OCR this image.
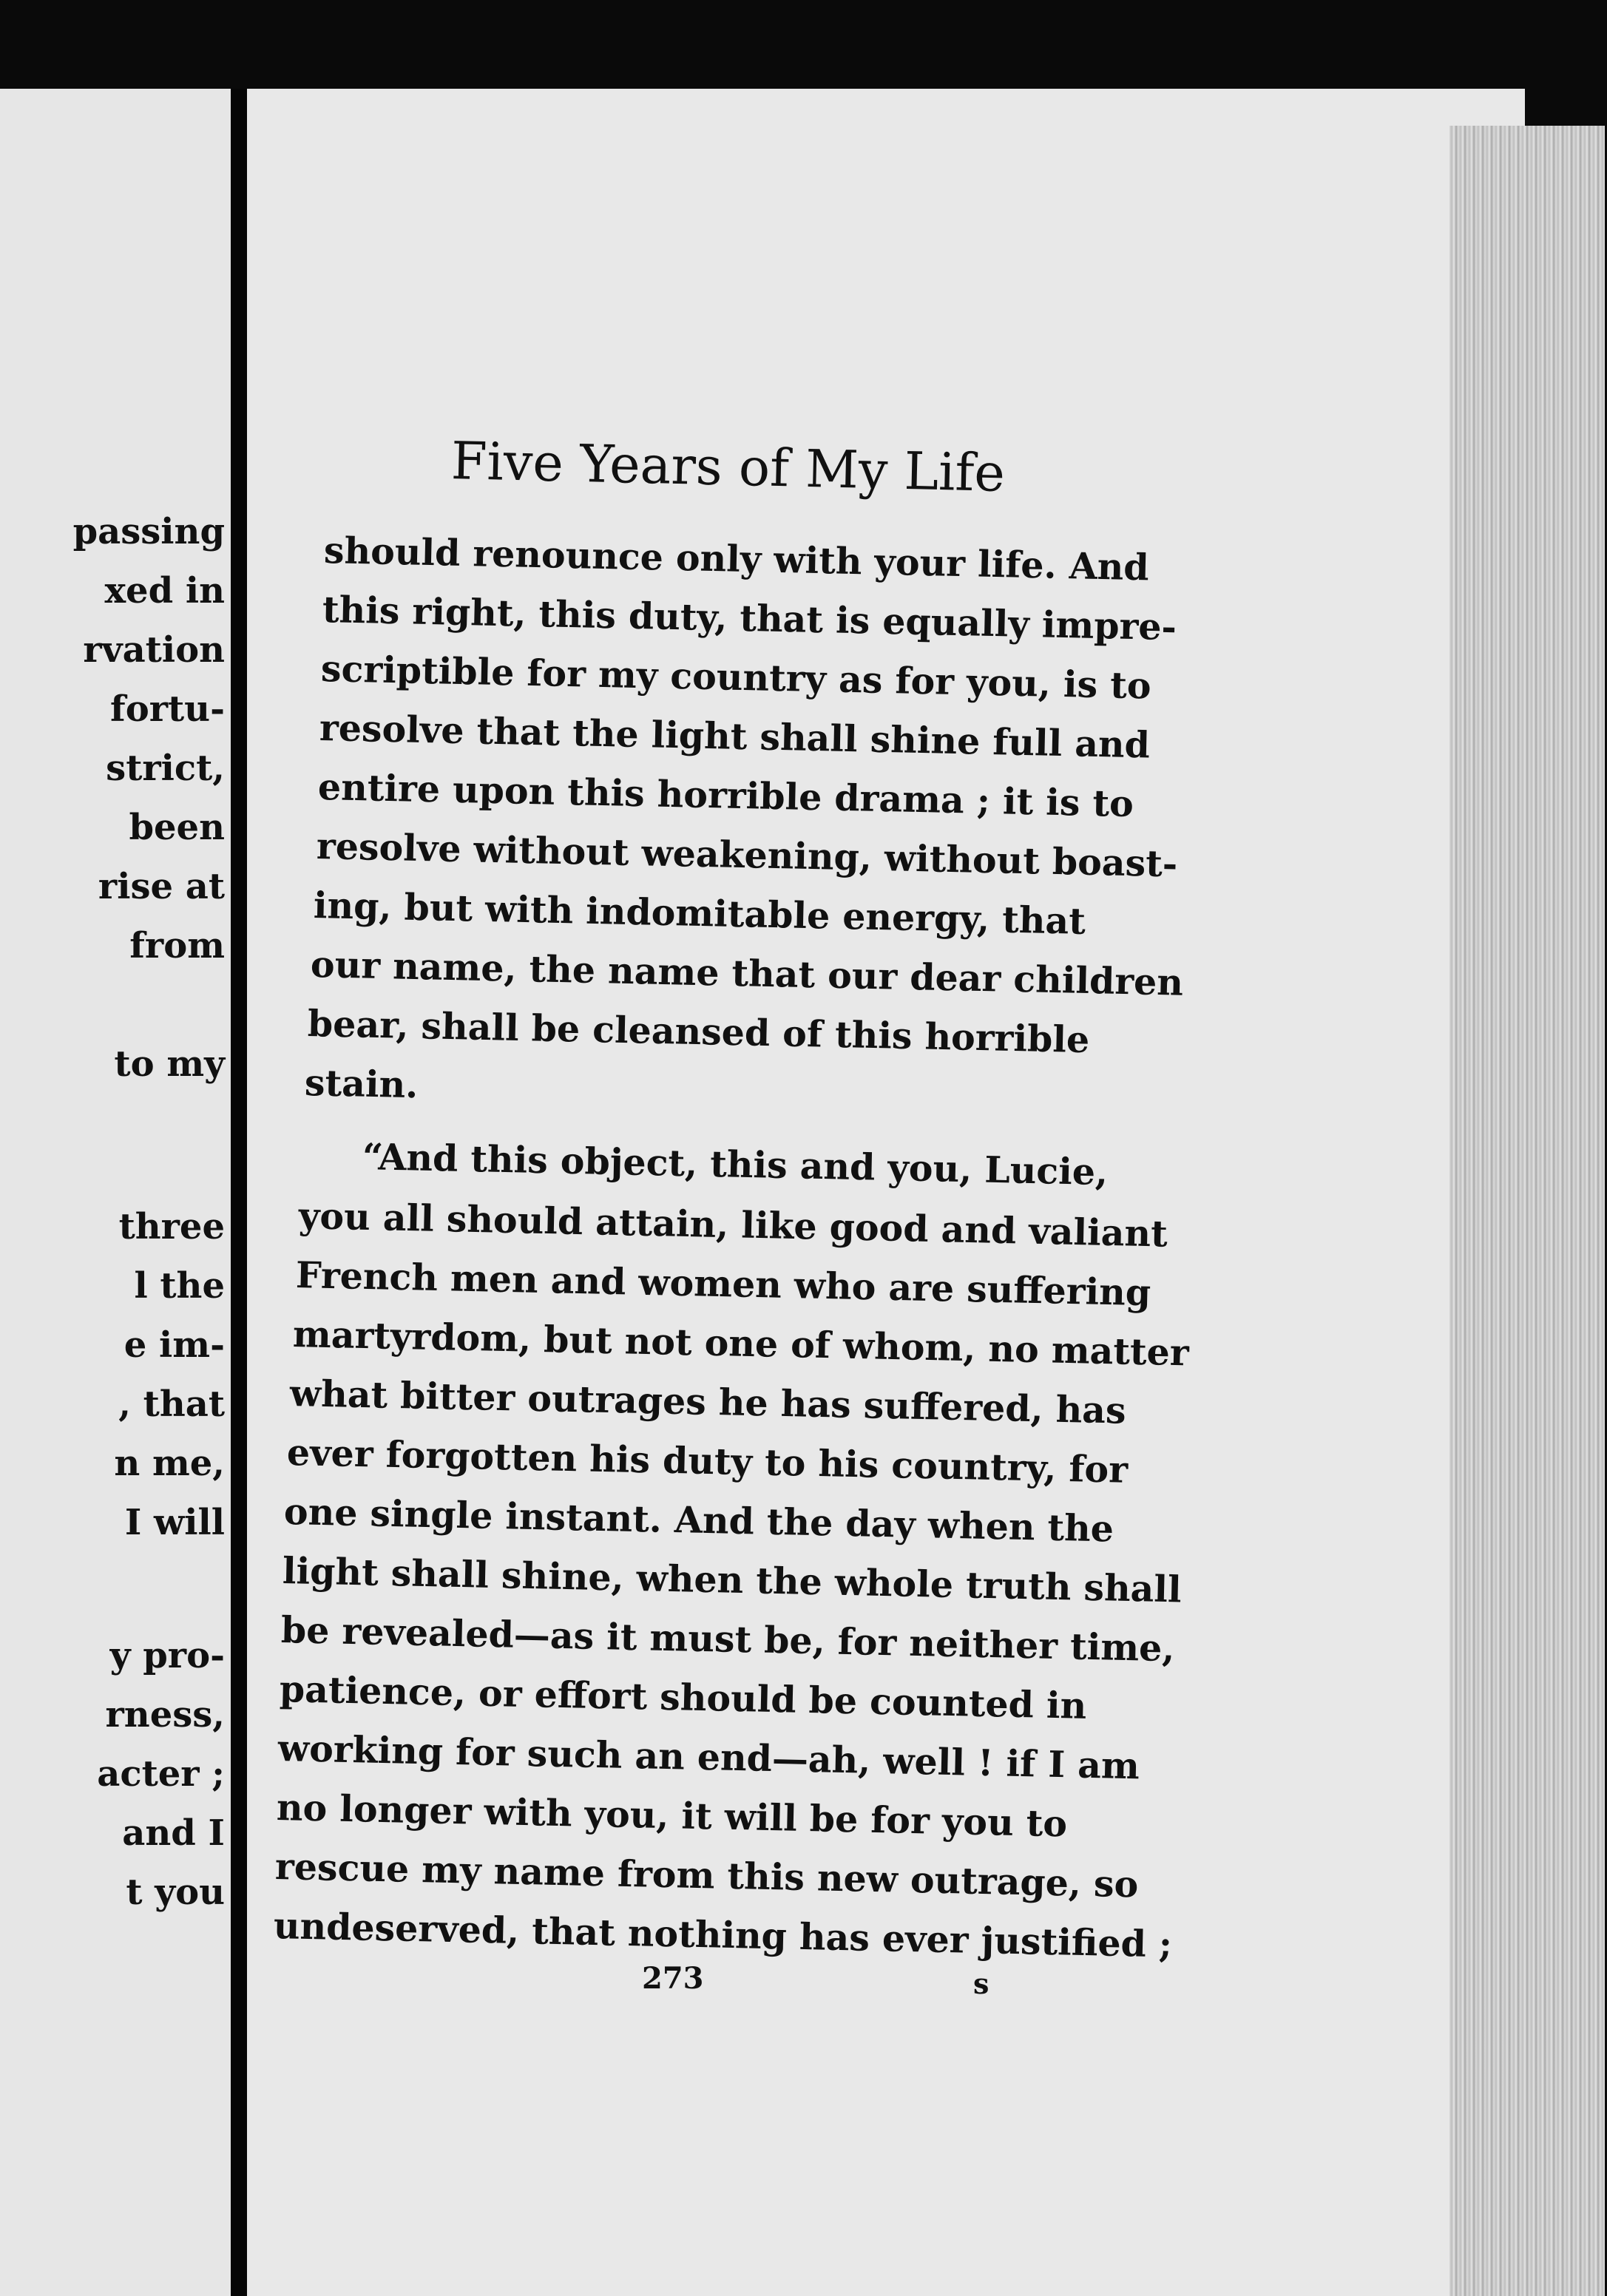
passing

xed in

rvation

fortu-

strict,

been

rise at

from

to my

three

l the

e im-

, that

n me,

I will

y pro-

rness,

acter ;

and I

t you

Five Years of My Life

should renounce only with your life. And

this right, this duty, that is equally impre-

scriptible for my country as for you, is to

resolve that the light shall shine full and

entire upon this horrible drama ; it is to

resolve without weakening, without boast-

ing, but with indomitable energy, that

our name, the name that our dear children

bear, shall be cleansed of this horrible

stain.

“And this object, this and you, Lucie,

you all should attain, like good and valiant

French men and women who are suffering

martyrdom, but not one of whom, no matter

what bitter outrages he has suffered, has

ever forgotten his duty to his country, for

one single instant. And the day when the

light shall shine, when the whole truth shall

be revealed—as it must be, for neither time,

patience, or effort should be counted in

working for such an end—ah, well ! if I am

no longer with you, it will be for you to

rescue my name from this new outrage, so

undeserved, that nothing has ever justified ;

273	s
